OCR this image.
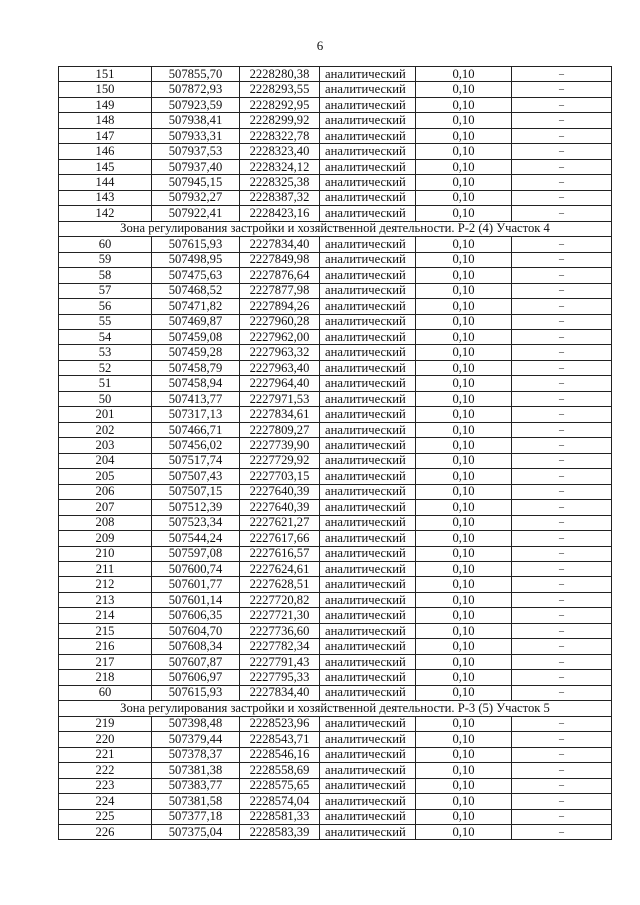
6
151	507855,70	2228280,38	аналитический	0,10	–
150	507872,93	2228293,55	аналитический	0,10	–
149	507923,59	2228292,95	аналитический	0,10	–
148	507938,41	2228299,92	аналитический	0,10	–
147	507933,31	2228322,78	аналитический	0,10	–
146	507937,53	2228323,40	аналитический	0,10	–
145	507937,40	2228324,12	аналитический	0,10	–
144	507945,15	2228325,38	аналитический	0,10	–
143	507932,27	2228387,32	аналитический	0,10	–
142	507922,41	2228423,16	аналитический	0,10	–
Зона регулирования застройки и хозяйственной деятельности. Р-2 (4) Участок 4					
60	507615,93	2227834,40	аналитический	0,10	–
59	507498,95	2227849,98	аналитический	0,10	–
58	507475,63	2227876,64	аналитический	0,10	–
57	507468,52	2227877,98	аналитический	0,10	–
56	507471,82	2227894,26	аналитический	0,10	–
55	507469,87	2227960,28	аналитический	0,10	–
54	507459,08	2227962,00	аналитический	0,10	–
53	507459,28	2227963,32	аналитический	0,10	–
52	507458,79	2227963,40	аналитический	0,10	–
51	507458,94	2227964,40	аналитический	0,10	–
50	507413,77	2227971,53	аналитический	0,10	–
201	507317,13	2227834,61	аналитический	0,10	–
202	507466,71	2227809,27	аналитический	0,10	–
203	507456,02	2227739,90	аналитический	0,10	–
204	507517,74	2227729,92	аналитический	0,10	–
205	507507,43	2227703,15	аналитический	0,10	–
206	507507,15	2227640,39	аналитический	0,10	–
207	507512,39	2227640,39	аналитический	0,10	–
208	507523,34	2227621,27	аналитический	0,10	–
209	507544,24	2227617,66	аналитический	0,10	–
210	507597,08	2227616,57	аналитический	0,10	–
211	507600,74	2227624,61	аналитический	0,10	–
212	507601,77	2227628,51	аналитический	0,10	–
213	507601,14	2227720,82	аналитический	0,10	–
214	507606,35	2227721,30	аналитический	0,10	–
215	507604,70	2227736,60	аналитический	0,10	–
216	507608,34	2227782,34	аналитический	0,10	–
217	507607,87	2227791,43	аналитический	0,10	–
218	507606,97	2227795,33	аналитический	0,10	–
60	507615,93	2227834,40	аналитический	0,10	–
Зона регулирования застройки и хозяйственной деятельности. Р-3 (5) Участок 5					
219	507398,48	2228523,96	аналитический	0,10	–
220	507379,44	2228543,71	аналитический	0,10	–
221	507378,37	2228546,16	аналитический	0,10	–
222	507381,38	2228558,69	аналитический	0,10	–
223	507383,77	2228575,65	аналитический	0,10	–
224	507381,58	2228574,04	аналитический	0,10	–
225	507377,18	2228581,33	аналитический	0,10	–
226	507375,04	2228583,39	аналитический	0,10	–
